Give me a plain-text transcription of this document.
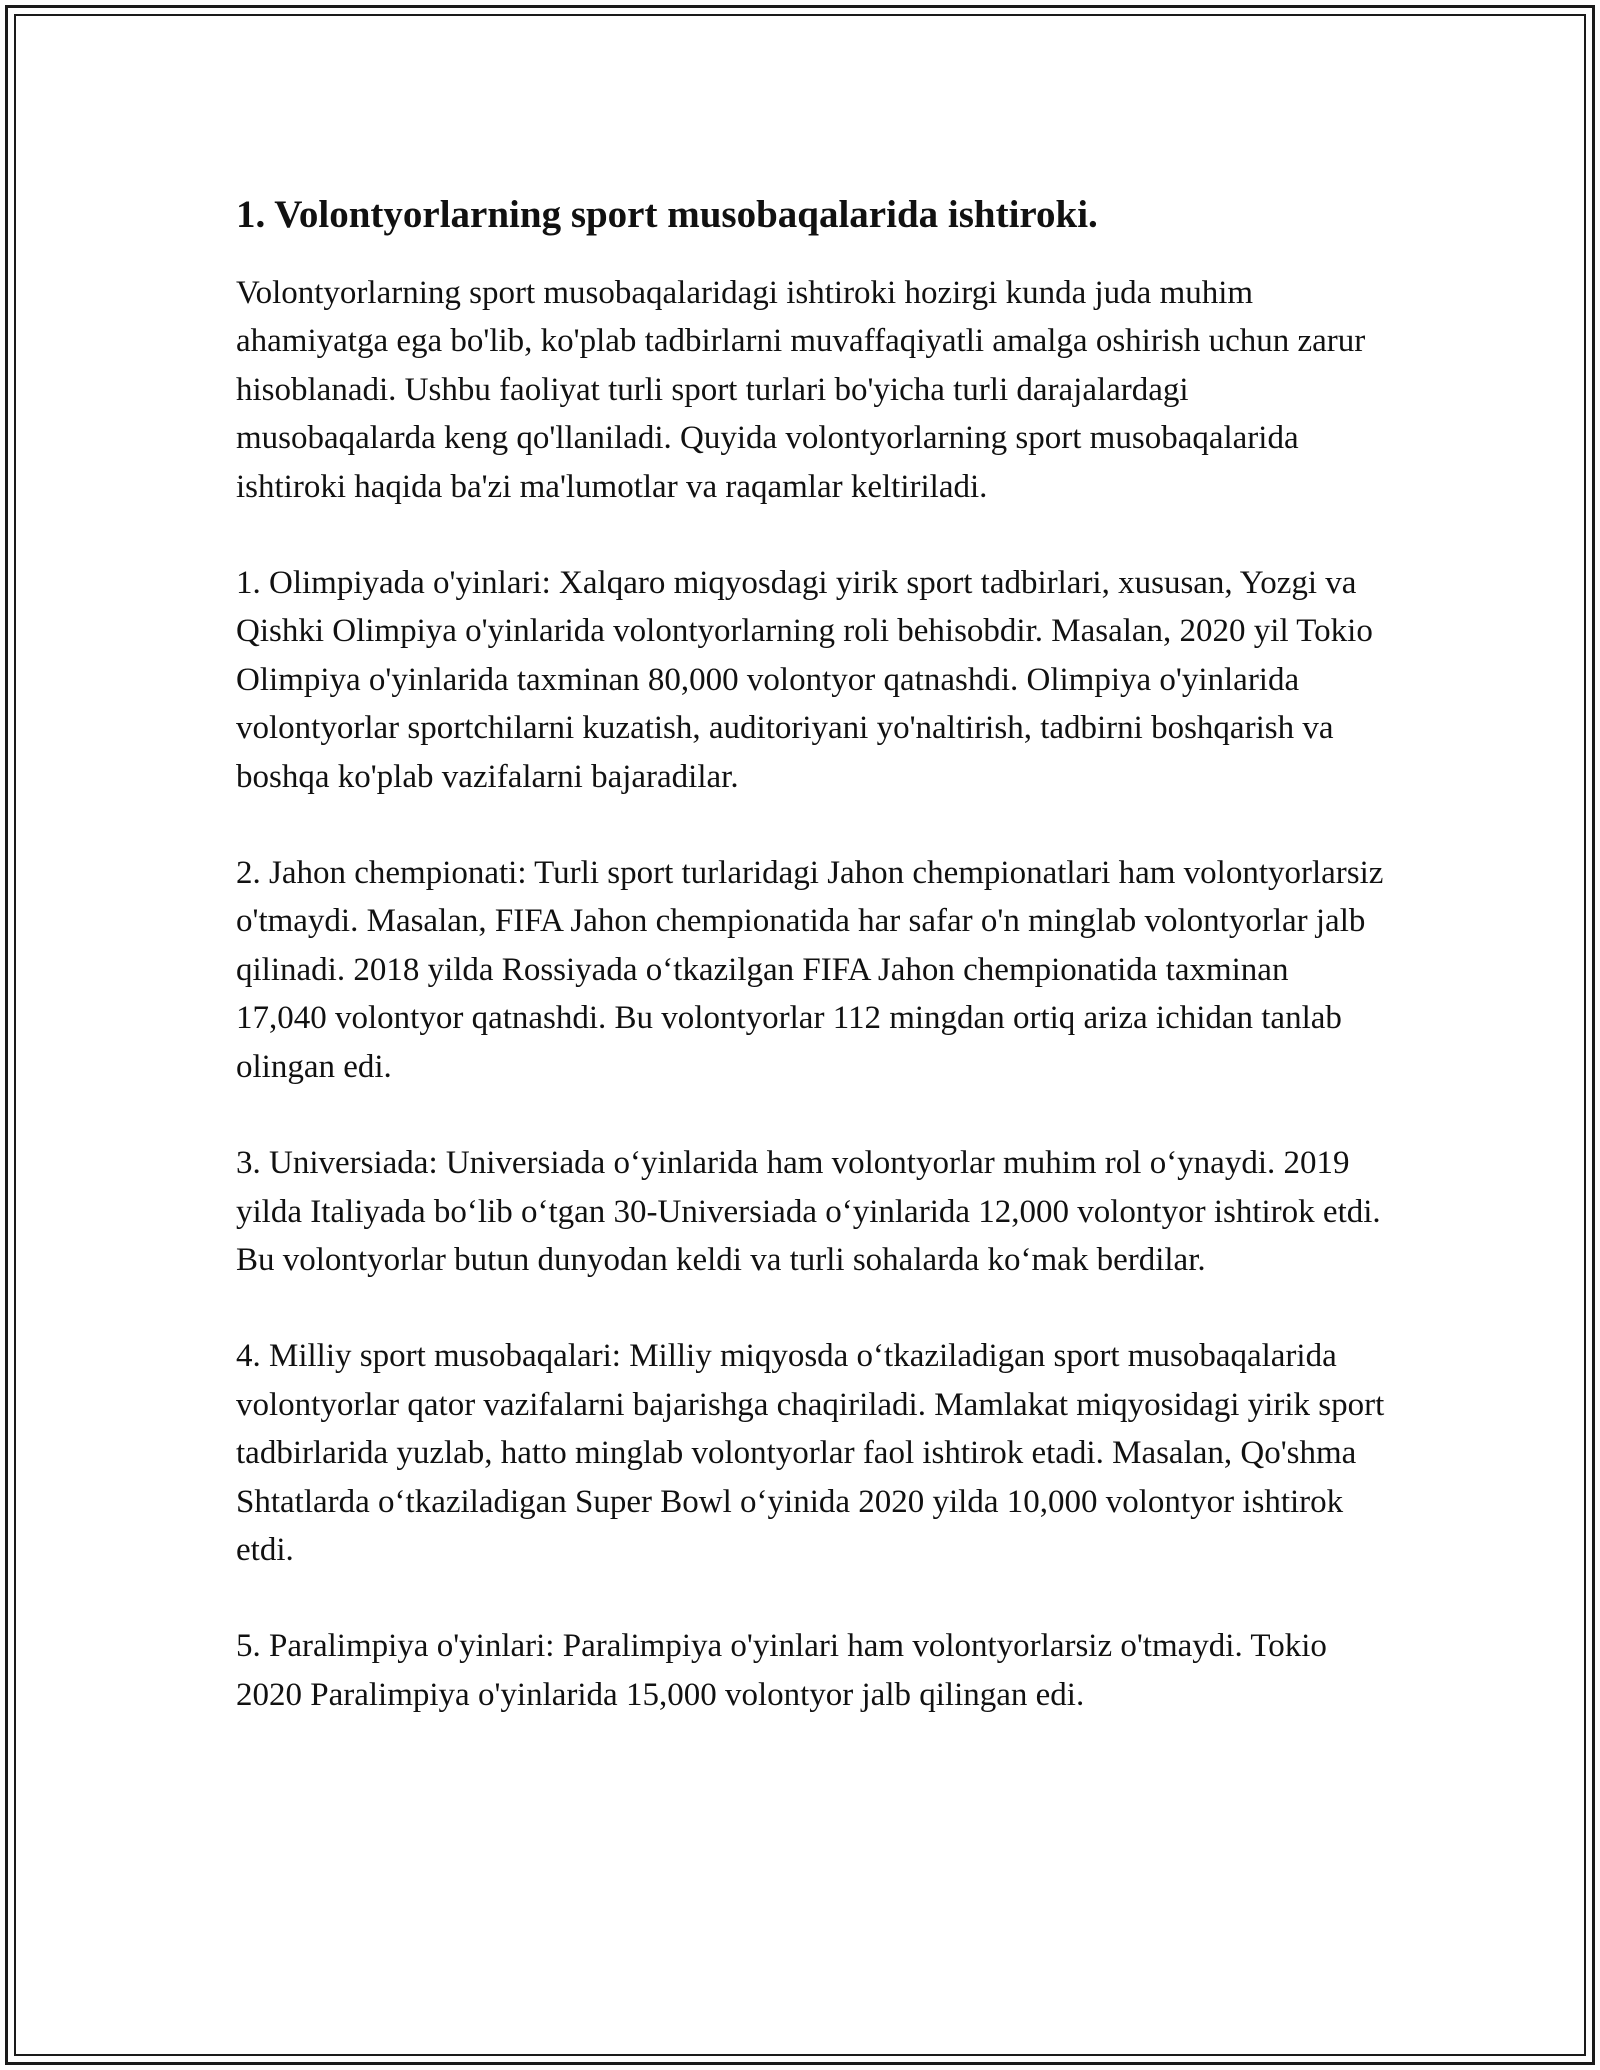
1. Volontyorlarning sport musobaqalarida ishtiroki.

Volontyorlarning sport musobaqalaridagi ishtiroki hozirgi kunda juda muhim ahamiyatga ega bo'lib, ko'plab tadbirlarni muvaffaqiyatli amalga oshirish uchun zarur hisoblanadi. Ushbu faoliyat turli sport turlari bo'yicha turli darajalardagi musobaqalarda keng qo'llaniladi. Quyida volontyorlarning sport musobaqalarida ishtiroki haqida ba'zi ma'lumotlar va raqamlar keltiriladi.

1. Olimpiyada o'yinlari: Xalqaro miqyosdagi yirik sport tadbirlari, xususan, Yozgi va Qishki Olimpiya o'yinlarida volontyorlarning roli behisobdir. Masalan, 2020 yil Tokio Olimpiya o'yinlarida taxminan 80,000 volontyor qatnashdi. Olimpiya o'yinlarida volontyorlar sportchilarni kuzatish, auditoriyani yo'naltirish, tadbirni boshqarish va boshqa ko'plab vazifalarni bajaradilar.

2. Jahon chempionati: Turli sport turlaridagi Jahon chempionatlari ham volontyorlarsiz o'tmaydi. Masalan, FIFA Jahon chempionatida har safar o'n minglab volontyorlar jalb qilinadi. 2018 yilda Rossiyada o‘tkazilgan FIFA Jahon chempionatida taxminan 17,040 volontyor qatnashdi. Bu volontyorlar 112 mingdan ortiq ariza ichidan tanlab olingan edi.

3. Universiada: Universiada o‘yinlarida ham volontyorlar muhim rol o‘ynaydi. 2019 yilda Italiyada bo‘lib o‘tgan 30-Universiada o‘yinlarida 12,000 volontyor ishtirok etdi. Bu volontyorlar butun dunyodan keldi va turli sohalarda ko‘mak berdilar.

4. Milliy sport musobaqalari: Milliy miqyosda o‘tkaziladigan sport musobaqalarida volontyorlar qator vazifalarni bajarishga chaqiriladi. Mamlakat miqyosidagi yirik sport tadbirlarida yuzlab, hatto minglab volontyorlar faol ishtirok etadi. Masalan, Qo'shma Shtatlarda o‘tkaziladigan Super Bowl o‘yinida 2020 yilda 10,000 volontyor ishtirok etdi.

5. Paralimpiya o'yinlari: Paralimpiya o'yinlari ham volontyorlarsiz o'tmaydi. Tokio 2020 Paralimpiya o'yinlarida 15,000 volontyor jalb qilingan edi.
